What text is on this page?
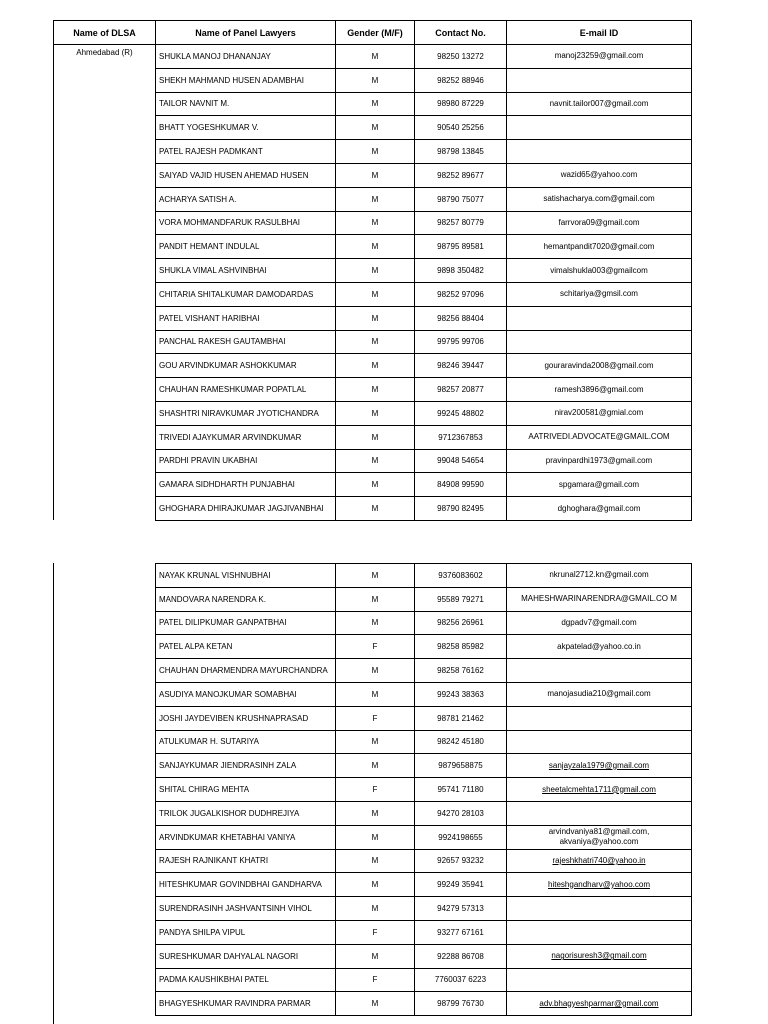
Name of DLSA	Name of Panel Lawyers	Gender (M/F)	Contact No.	E-mail ID
Ahmedabad (R)	SHUKLA MANOJ DHANANJAY	M	98250 13272	manoj23259@gmail.com
	SHEKH MAHMAND HUSEN ADAMBHAI	M	98252 88946	
	TAILOR NAVNIT M.	M	98980 87229	navnit.tailor007@gmail.com
	BHATT YOGESHKUMAR V.	M	90540 25256	
	PATEL RAJESH PADMKANT	M	98798 13845	
	SAIYAD VAJID HUSEN AHEMAD HUSEN	M	98252 89677	wazid65@yahoo.com
	ACHARYA SATISH A.	M	98790 75077	satishacharya.com@gmail.com
	VORA MOHMANDFARUK RASULBHAI	M	98257 80779	farrvora09@gmail.com
	PANDIT HEMANT INDULAL	M	98795 89581	hemantpandit7020@gmail.com
	SHUKLA VIMAL ASHVINBHAI	M	9898 350482	vimalshukla003@gmailcom
	CHITARIA SHITALKUMAR DAMODARDAS	M	98252 97096	schitariya@gmsil.com
	PATEL VISHANT HARIBHAI	M	98256 88404	
	PANCHAL RAKESH GAUTAMBHAI	M	99795 99706	
	GOU ARVINDKUMAR ASHOKKUMAR	M	98246 39447	gouraravinda2008@gmail.com
	CHAUHAN RAMESHKUMAR POPATLAL	M	98257 20877	ramesh3896@gmail.com
	SHASHTRI NIRAVKUMAR JYOTICHANDRA	M	99245 48802	nirav200581@gmial.com
	TRIVEDI AJAYKUMAR ARVINDKUMAR	M	9712367853	AATRIVEDI.ADVOCATE@GMAIL.COM
	PARDHI PRAVIN UKABHAI	M	99048 54654	pravinpardhi1973@gmail.com
	GAMARA SIDHDHARTH PUNJABHAI	M	84908 99590	spgamara@gmail.com
	GHOGHARA DHIRAJKUMAR JAGJIVANBHAI	M	98790 82495	dghoghara@gmail.com
NAYAK KRUNAL VISHNUBHAI	M	9376083602	nkrunal2712.kn@gmail.com
MANDOVARA NARENDRA K.	M	95589 79271	MAHESHWARINARENDRA@GMAIL.CO M
PATEL DILIPKUMAR GANPATBHAI	M	98256 26961	dgpadv7@gmail.com
PATEL ALPA KETAN	F	98258 85982	akpatelad@yahoo.co.in
CHAUHAN DHARMENDRA MAYURCHANDRA	M	98258 76162	
ASUDIYA MANOJKUMAR SOMABHAI	M	99243 38363	manojasudia210@gmail.com
JOSHI JAYDEVIBEN KRUSHNAPRASAD	F	98781 21462	
ATULKUMAR H. SUTARIYA	M	98242 45180	
SANJAYKUMAR JIENDRASINH ZALA	M	9879658875	sanjayzala1979@gmail.com
SHITAL CHIRAG MEHTA	F	95741 71180	sheetalcmehta1711@gmail.com
TRILOK JUGALKISHOR DUDHREJIYA	M	94270 28103	
ARVINDKUMAR KHETABHAI VANIYA	M	9924198655	arvindvaniya81@gmail.com, akvaniya@yahoo.com
RAJESH RAJNIKANT KHATRI	M	92657 93232	rajeshkhatri740@yahoo.in
HITESHKUMAR GOVINDBHAI GANDHARVA	M	99249 35941	hiteshgandharv@yahoo.com
SURENDRASINH JASHVANTSINH VIHOL	M	94279 57313	
PANDYA SHILPA VIPUL	F	93277 67161	
SURESHKUMAR DAHYALAL NAGORI	M	92288 86708	nagorisuresh3@gmail.com
PADMA KAUSHIKBHAI PATEL	F	7760037 6223	
BHAGYESHKUMAR RAVINDRA PARMAR	M	98799 76730	adv.bhagyeshparmar@gmail.com
